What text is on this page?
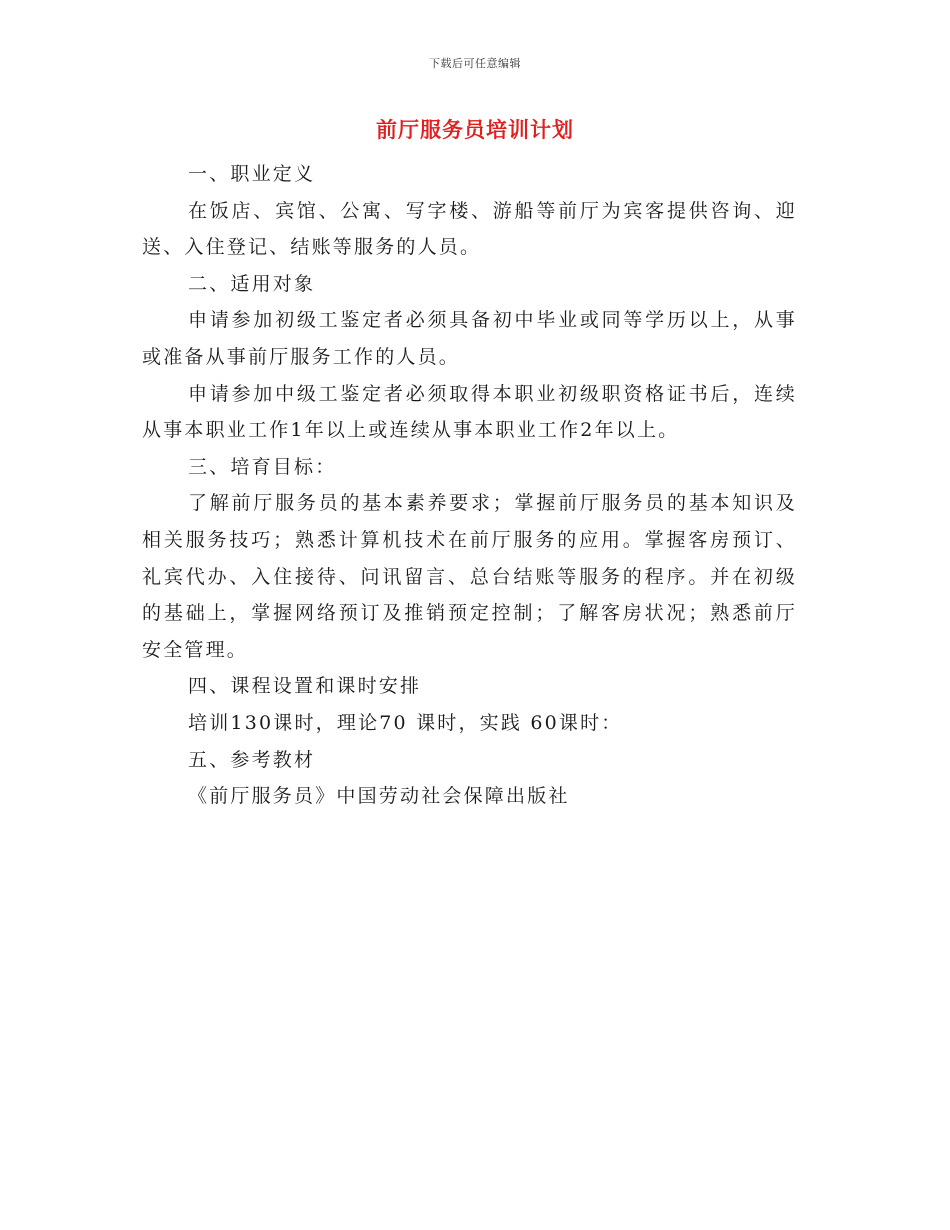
下载后可任意编辑
前厅服务员培训计划

一、职业定义

在饭店、宾馆、公寓、写字楼、游船等前厅为宾客提供咨询、迎送、入住登记、结账等服务的人员。

二、适用对象

申请参加初级工鉴定者必须具备初中毕业或同等学历以上，从事或准备从事前厅服务工作的人员。

申请参加中级工鉴定者必须取得本职业初级职资格证书后，连续从事本职业工作1年以上或连续从事本职业工作2年以上。

三、培育目标：

了解前厅服务员的基本素养要求；掌握前厅服务员的基本知识及相关服务技巧；熟悉计算机技术在前厅服务的应用。掌握客房预订、礼宾代办、入住接待、问讯留言、总台结账等服务的程序。并在初级的基础上，掌握网络预订及推销预定控制；了解客房状况；熟悉前厅安全管理。

四、课程设置和课时安排

培训130课时，理论70 课时，实践 60课时：

五、参考教材

《前厅服务员》中国劳动社会保障出版社
